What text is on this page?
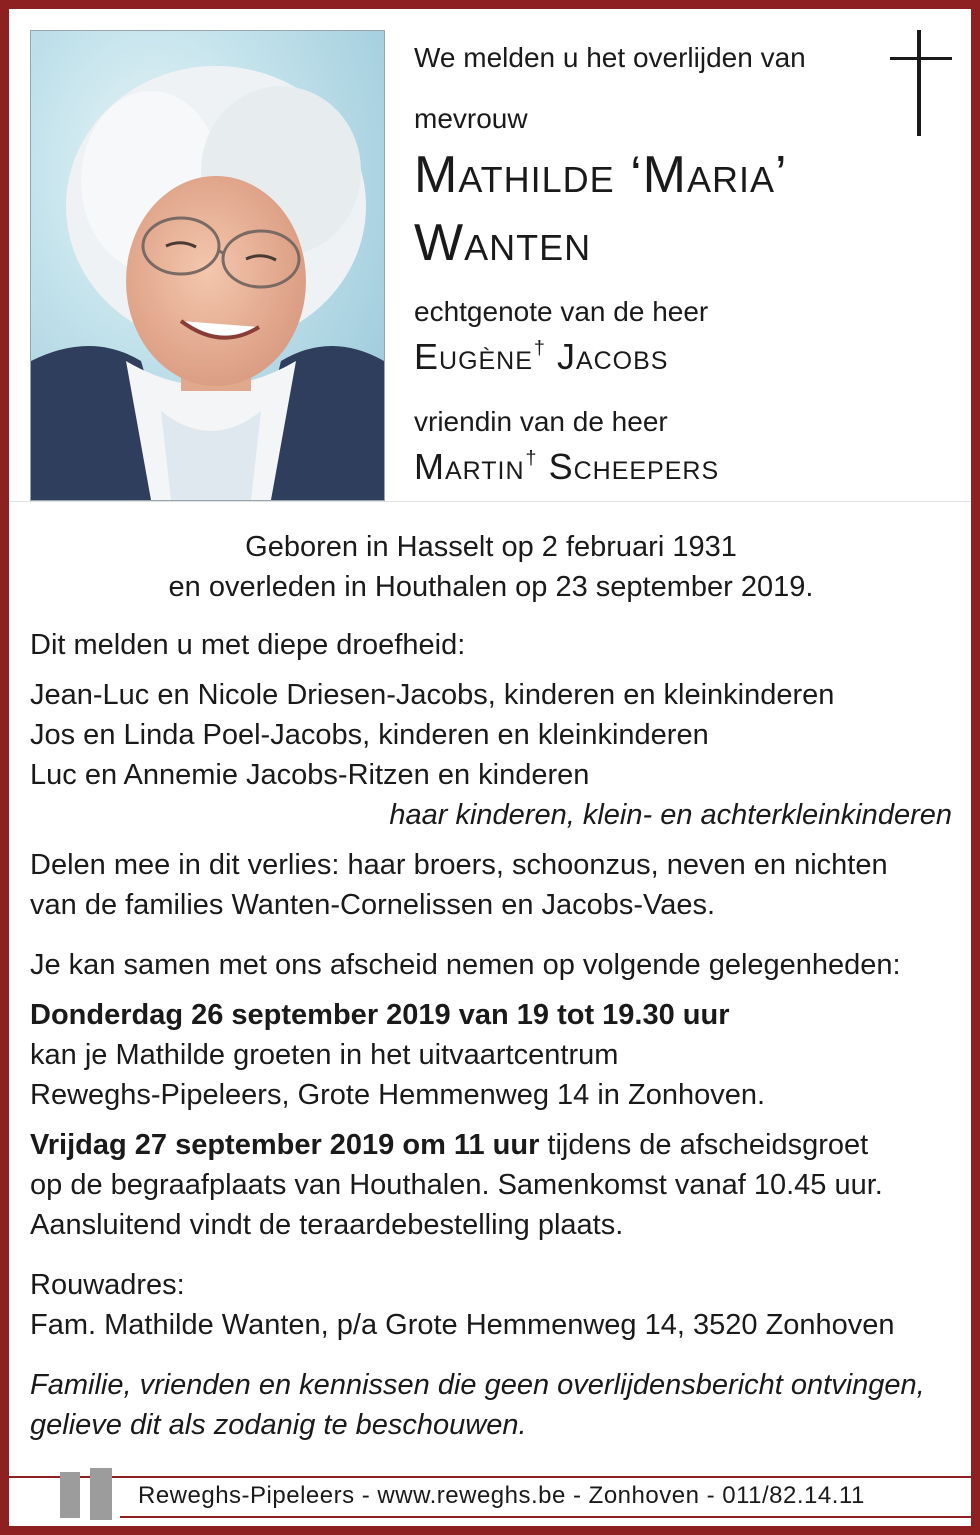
We melden u het overlijden van

mevrouw

Mathilde ‘Maria’

Wanten

echtgenote van de heer

Eugène† Jacobs

vriendin van de heer

Martin† Scheepers

Geboren in Hasselt op 2 februari 1931
en overleden in Houthalen op 23 september 2019.
Dit melden u met diepe droefheid:
Jean-Luc en Nicole Driesen-Jacobs, kinderen en kleinkinderen
Jos en Linda Poel-Jacobs, kinderen en kleinkinderen
Luc en Annemie Jacobs-Ritzen en kinderen
haar kinderen, klein- en achterkleinkinderen
Delen mee in dit verlies: haar broers, schoonzus, neven en nichten
van de families Wanten-Cornelissen en Jacobs-Vaes.
Je kan samen met ons afscheid nemen op volgende gelegenheden:
Donderdag 26 september 2019 van 19 tot 19.30 uur
kan je Mathilde groeten in het uitvaartcentrum
Reweghs-Pipeleers, Grote Hemmenweg 14 in Zonhoven.
Vrijdag 27 september 2019 om 11 uur tijdens de afscheidsgroet
op de begraafplaats van Houthalen. Samenkomst vanaf 10.45 uur.
Aansluitend vindt de teraardebestelling plaats.
Rouwadres:
Fam. Mathilde Wanten, p/a Grote Hemmenweg 14, 3520 Zonhoven
Familie, vrienden en kennissen die geen overlijdensbericht ontvingen,
gelieve dit als zodanig te beschouwen.
Reweghs-Pipeleers - www.reweghs.be - Zonhoven - 011/82.14.11
